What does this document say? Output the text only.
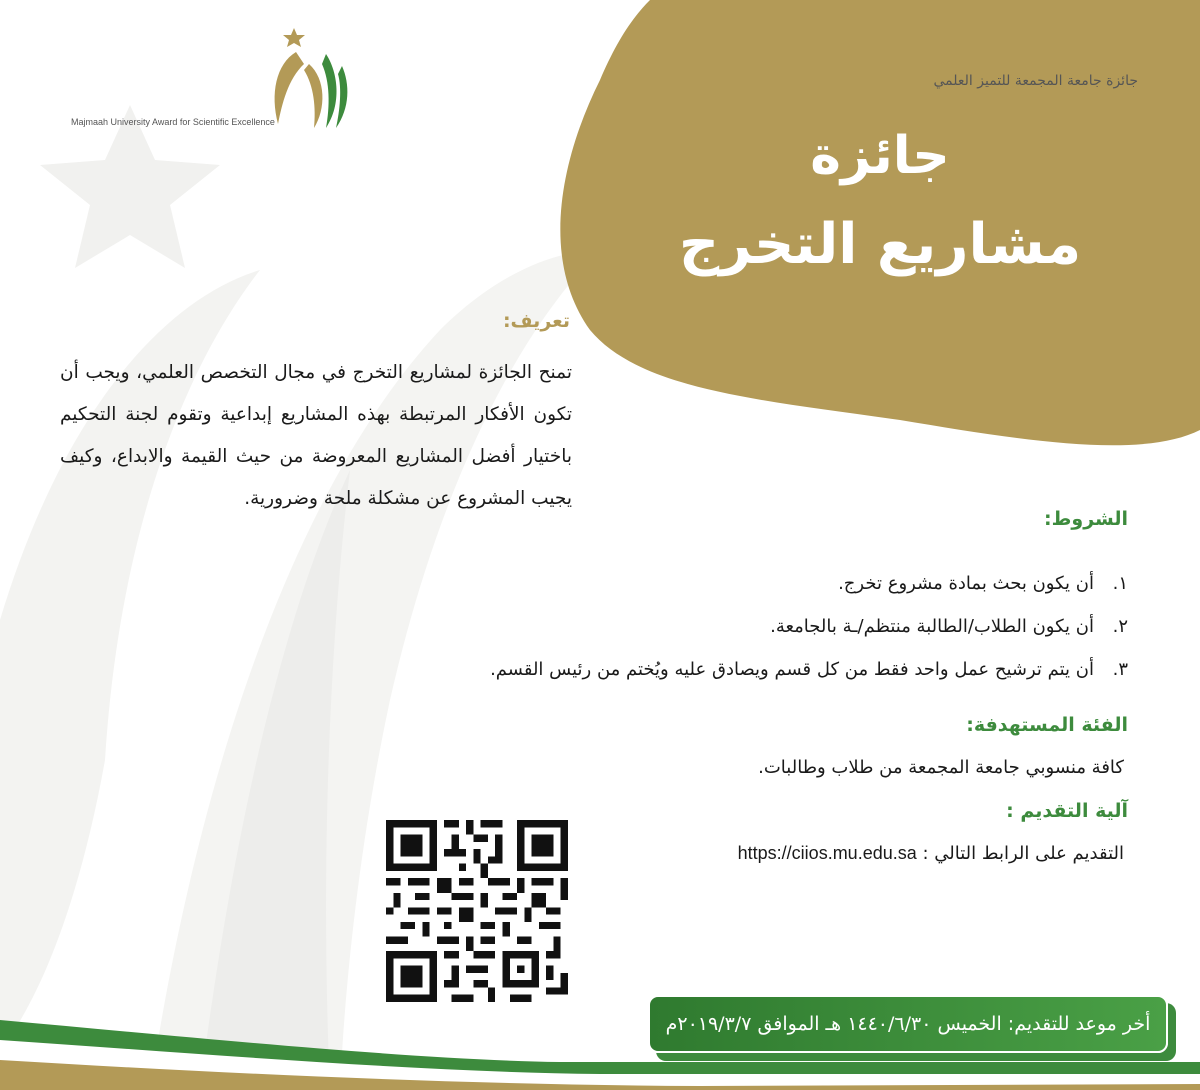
جائزة جامعة المجمعة للتميز العلمي
Majmaah University Award for Scientific Excellence
جائزة
مشاريع التخرج
تعريف:
تمنح الجائزة لمشاريع التخرج في مجال التخصص العلمي، ويجب أن تكون الأفكار المرتبطة بهذه المشاريع إبداعية وتقوم لجنة التحكيم باختيار أفضل المشاريع المعروضة من حيث القيمة والابداع، وكيف يجيب المشروع عن مشكلة ملحة وضرورية.
الشروط:
١.أن يكون بحث بمادة مشروع تخرج.
٢.أن يكون الطلاب/الطالبة منتظم/ـة بالجامعة.
٣.أن يتم ترشيح عمل واحد فقط من كل قسم ويصادق عليه ويُختم من رئيس القسم.
الفئة المستهدفة:
كافة منسوبي جامعة المجمعة من طلاب وطالبات.
آلية التقديم :
التقديم على الرابط التالي : https://ciios.mu.edu.sa
أخر موعد للتقديم: الخميس ١٤٤٠/٦/٣٠ هـ الموافق ٢٠١٩/٣/٧م
